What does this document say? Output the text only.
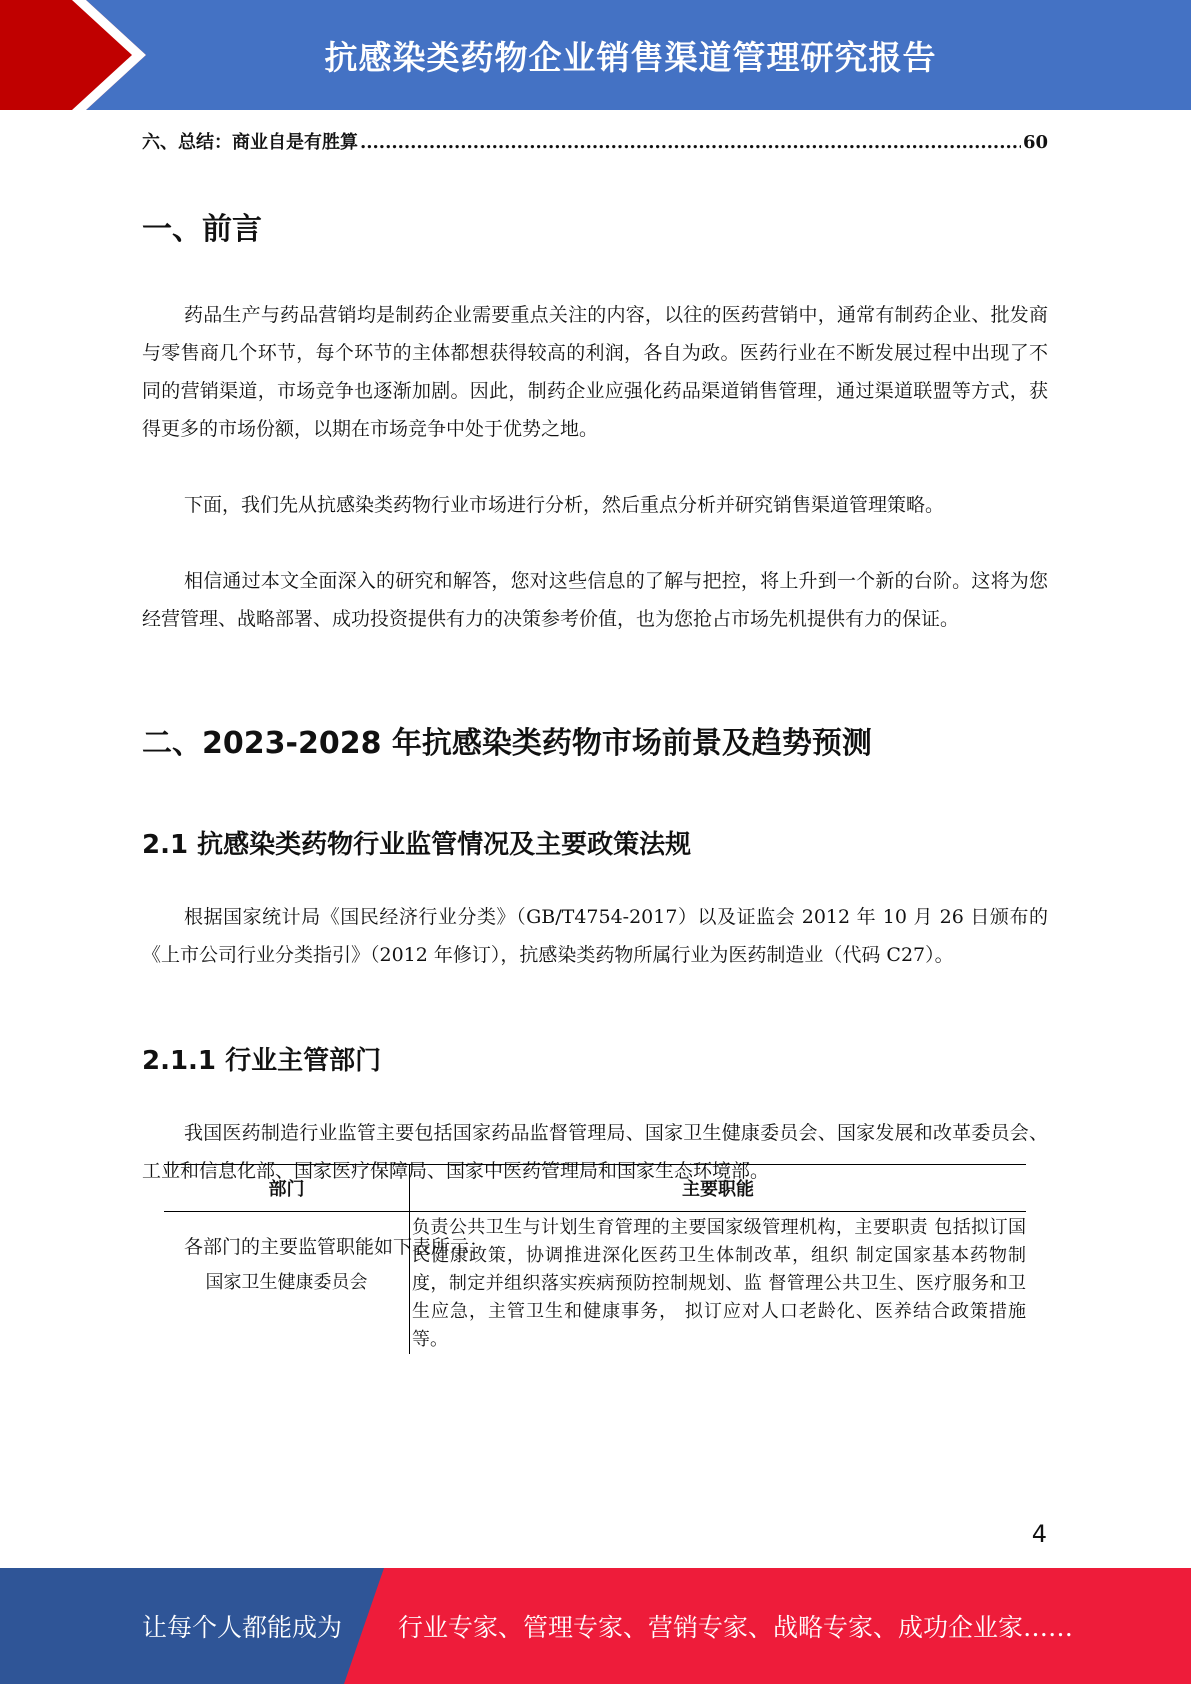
抗感染类药物企业销售渠道管理研究报告
六、总结：商业自是有胜算 .....	60
一、前言

药品生产与药品营销均是制药企业需要重点关注的内容，以往的医药营销中，通常有制药企业、批发商与零售商几个环节，每个环节的主体都想获得较高的利润，各自为政。医药行业在不断发展过程中出现了不同的营销渠道，市场竞争也逐渐加剧。因此，制药企业应强化药品渠道销售管理，通过渠道联盟等方式，获得更多的市场份额，以期在市场竞争中处于优势之地。

下面，我们先从抗感染类药物行业市场进行分析，然后重点分析并研究销售渠道管理策略。

相信通过本文全面深入的研究和解答，您对这些信息的了解与把控，将上升到一个新的台阶。这将为您经营管理、战略部署、成功投资提供有力的决策参考价值，也为您抢占市场先机提供有力的保证。

二、2023-2028 年抗感染类药物市场前景及趋势预测
2.1 抗感染类药物行业监管情况及主要政策法规

根据国家统计局《国民经济行业分类》（GB/T4754-2017）以及证监会 2012 年 10 月 26 日颁布的《上市公司行业分类指引》（2012 年修订），抗感染类药物所属行业为医药制造业（代码 C27）。

2.1.1 行业主管部门

我国医药制造行业监管主要包括国家药品监督管理局、国家卫生健康委员会、国家发展和改革委员会、工业和信息化部、国家医疗保障局、国家中医药管理局和国家生态环境部。

各部门的主要监管职能如下表所示：

部门	主要职能
国家卫生健康委员会	负责公共卫生与计划生育管理的主要国家级管理机构，主要职责 包括拟订国民健康政策，协调推进深化医药卫生体制改革，组织 制定国家基本药物制度，制定并组织落实疾病预防控制规划、监 督管理公共卫生、医疗服务和卫生应急，主管卫生和健康事务， 拟订应对人口老龄化、医养结合政策措施等。
4
让每个人都能成为 行业专家、管理专家、营销专家、战略专家、成功企业家……
